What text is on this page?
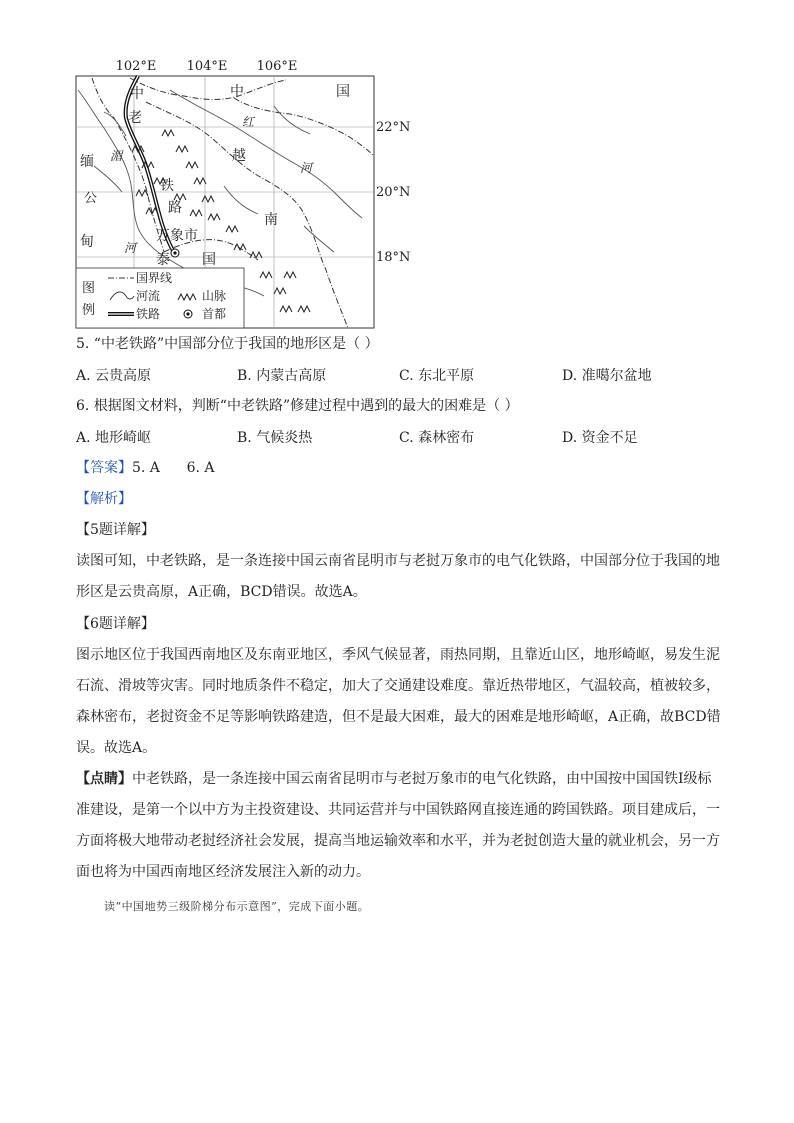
102°E 104°E 106°E
22°N
20°N
18°N
中
老
中	国
缅
甸
越
南
泰 国
铁
路
万象市
红
河
湄
公
河
图
例
国界线
河流	山脉
铁路	首都
5. “中老铁路”中国部分位于我国的地形区是（ ）
A. 云贵高原	B. 内蒙古高原	C. 东北平原	D. 准噶尔盆地
6. 根据图文材料，判断“中老铁路”修建过程中遇到的最大的困难是（ ）
A. 地形崎岖	B. 气候炎热	C. 森林密布	D. 资金不足
【答案】5. A      6. A
【解析】
【5题详解】
读图可知，中老铁路，是一条连接中国云南省昆明市与老挝万象市的电气化铁路，中国部分位于我国的地形区是云贵高原，A正确，BCD错误。故选A。
【6题详解】
图示地区位于我国西南地区及东南亚地区，季风气候显著，雨热同期，且靠近山区，地形崎岖，易发生泥石流、滑坡等灾害。同时地质条件不稳定，加大了交通建设难度。靠近热带地区，气温较高，植被较多，森林密布，老挝资金不足等影响铁路建造，但不是最大困难，最大的困难是地形崎岖，A正确，故BCD错误。故选A。
【点睛】中老铁路，是一条连接中国云南省昆明市与老挝万象市的电气化铁路，由中国按中国国铁Ⅰ级标准建设，是第一个以中方为主投资建设、共同运营并与中国铁路网直接连通的跨国铁路。项目建成后，一方面将极大地带动老挝经济社会发展，提高当地运输效率和水平，并为老挝创造大量的就业机会，另一方面也将为中国西南地区经济发展注入新的动力。
读“中国地势三级阶梯分布示意图”，完成下面小题。
